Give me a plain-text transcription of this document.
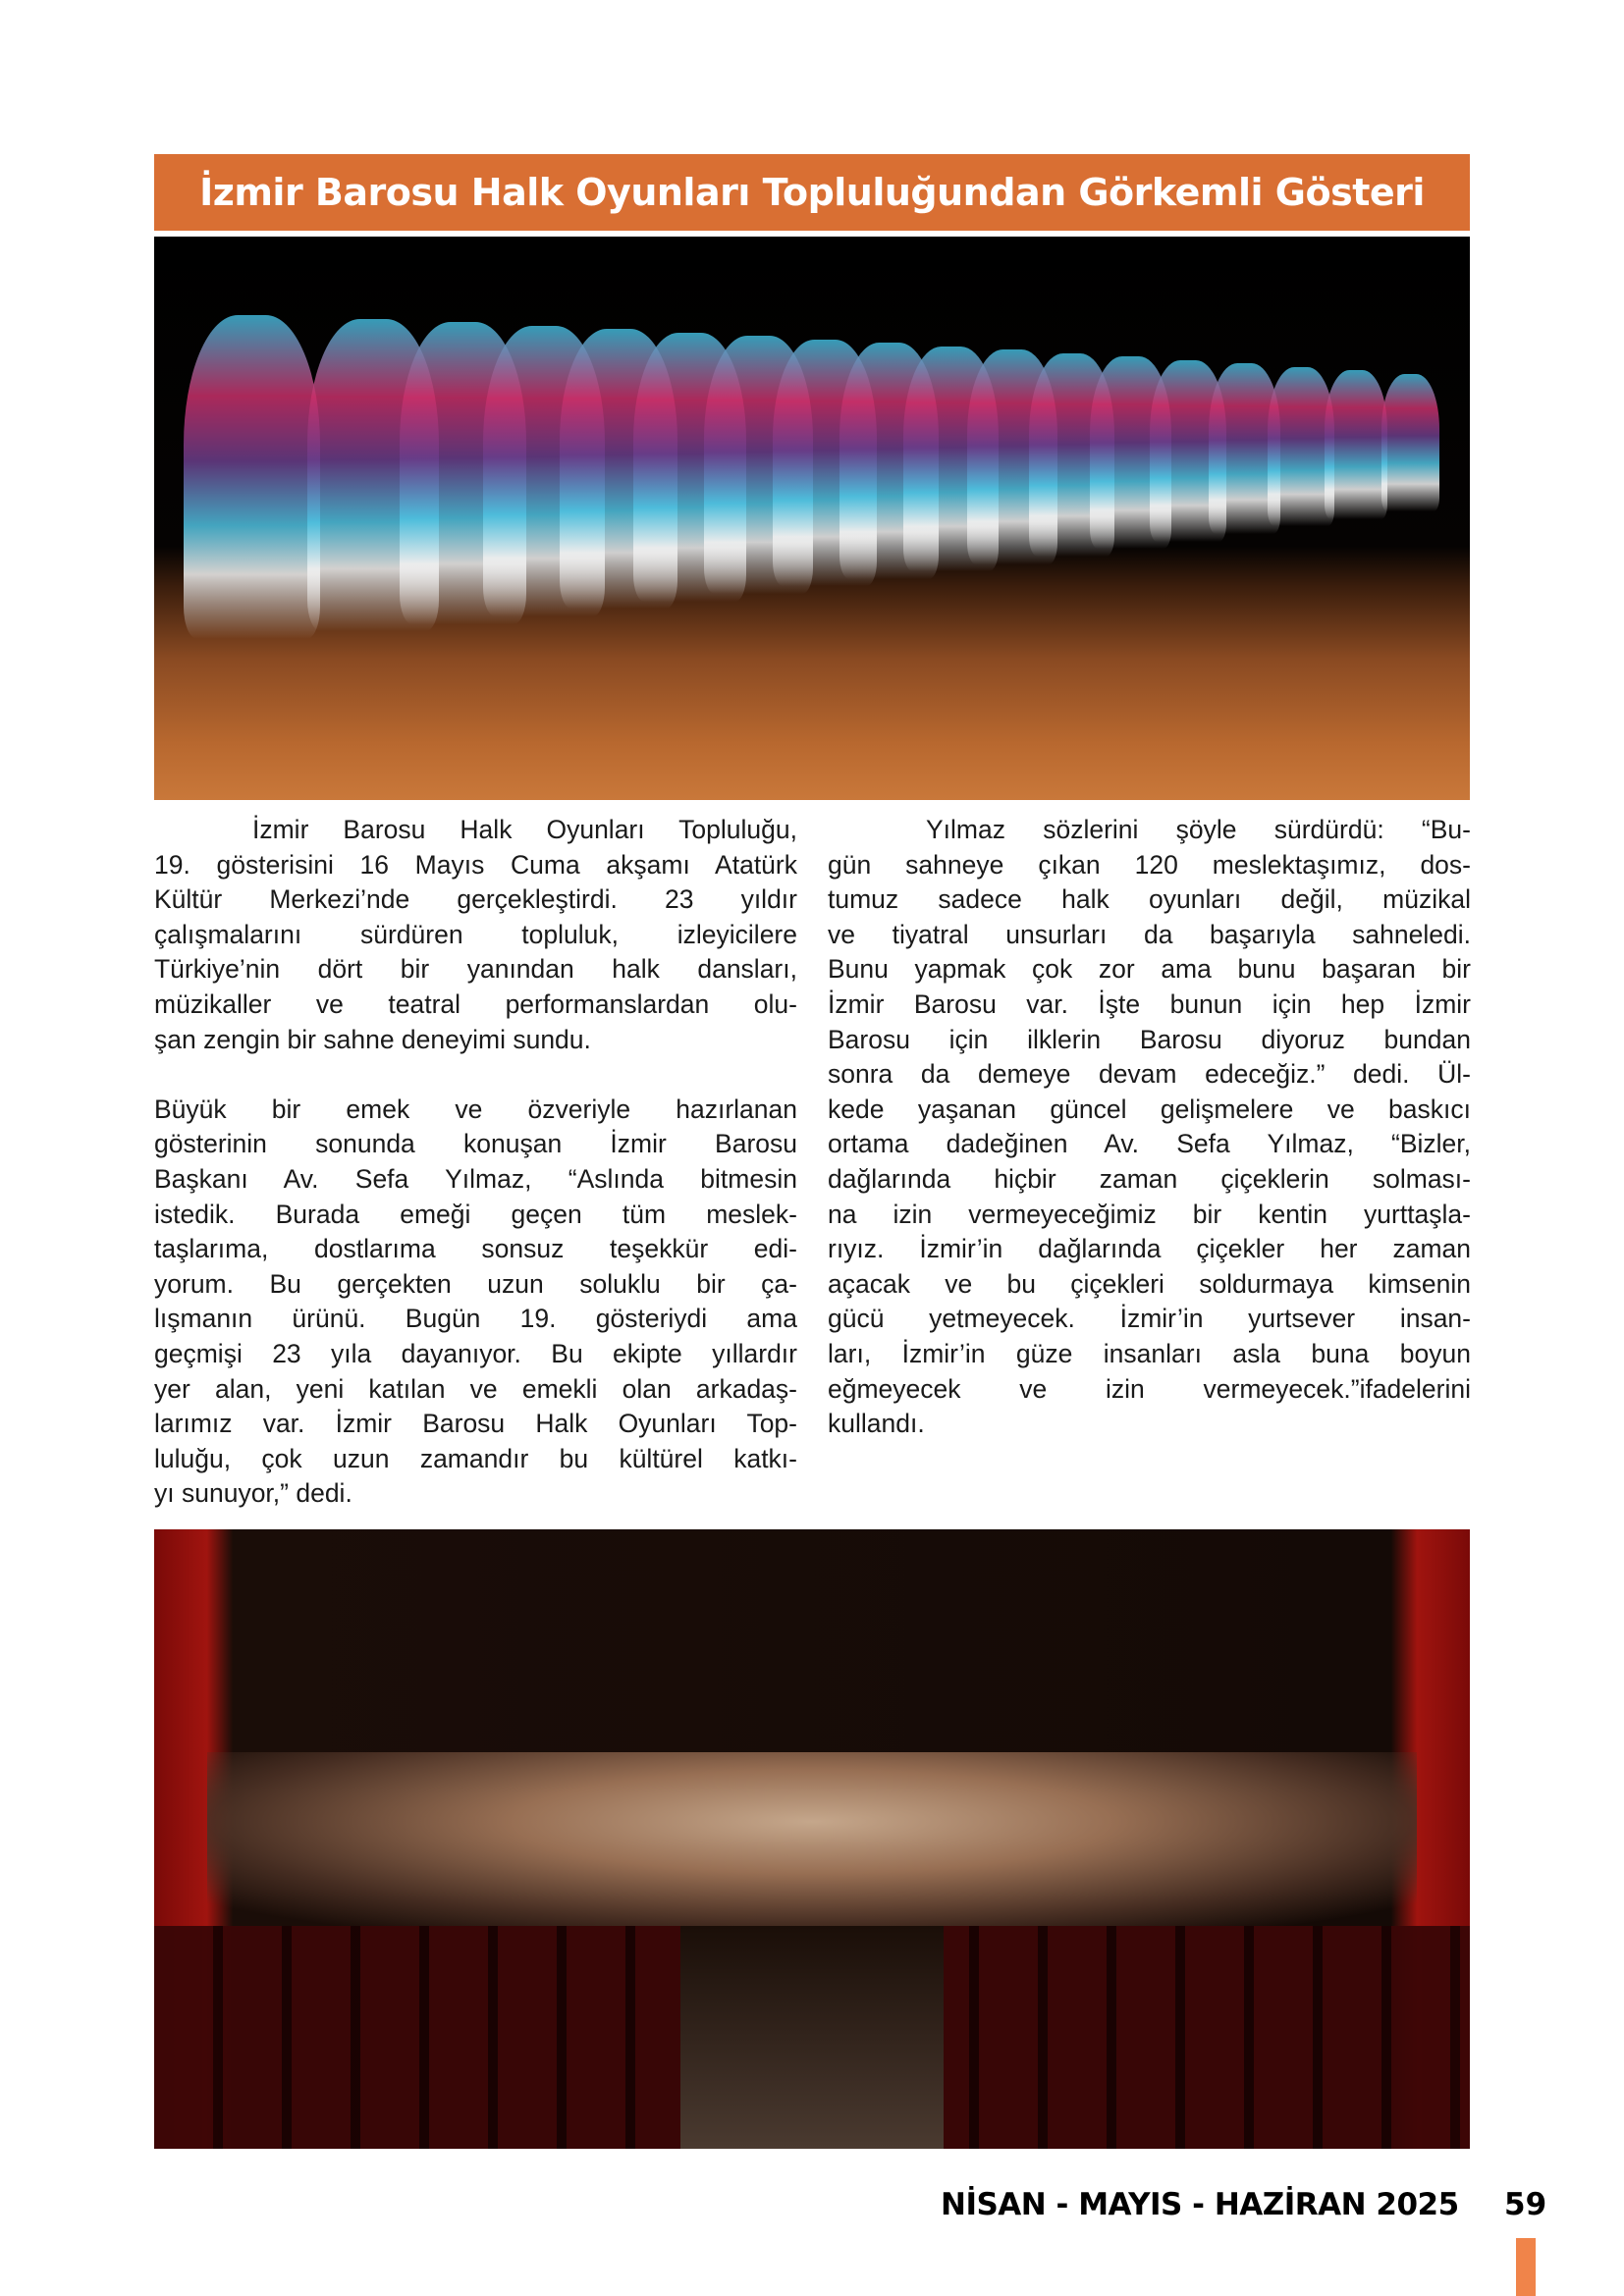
İzmir Barosu Halk Oyunları Topluluğundan Görkemli Gösteri
İzmir Barosu Halk Oyunları Topluluğu,
19. gösterisini 16 Mayıs Cuma akşamı Atatürk
Kültür Merkezi’nde gerçekleştirdi. 23 yıldır
çalışmalarını sürdüren topluluk, izleyicilere
Türkiye’nin dört bir yanından halk dansları,
müzikaller ve teatral performanslardan olu-
şan zengin bir sahne deneyimi sundu.
Büyük bir emek ve özveriyle hazırlanan
gösterinin sonunda konuşan İzmir Barosu
Başkanı Av. Sefa Yılmaz, “Aslında bitmesin
istedik. Burada emeği geçen tüm meslek-
taşlarıma, dostlarıma sonsuz teşekkür edi-
yorum. Bu gerçekten uzun soluklu bir ça-
lışmanın ürünü. Bugün 19. gösteriydi ama
geçmişi 23 yıla dayanıyor. Bu ekipte yıllardır
yer alan, yeni katılan ve emekli olan arkadaş-
larımız var. İzmir Barosu Halk Oyunları Top-
luluğu, çok uzun zamandır bu kültürel katkı-
yı sunuyor,” dedi.
Yılmaz sözlerini şöyle sürdürdü: “Bu-
gün sahneye çıkan 120 meslektaşımız, dos-
tumuz sadece halk oyunları değil, müzikal
ve tiyatral unsurları da başarıyla sahneledi.
Bunu yapmak çok zor ama bunu başaran bir
İzmir Barosu var. İşte bunun için hep İzmir
Barosu için ilklerin Barosu diyoruz bundan
sonra da demeye devam edeceğiz.” dedi. Ül-
kede yaşanan güncel gelişmelere ve baskıcı
ortama dadeğinen Av. Sefa Yılmaz, “Bizler,
dağlarında hiçbir zaman çiçeklerin solması-
na izin vermeyeceğimiz bir kentin yurttaşla-
rıyız. İzmir’in dağlarında çiçekler her zaman
açacak ve bu çiçekleri soldurmaya kimsenin
gücü yetmeyecek. İzmir’in yurtsever insan-
ları, İzmir’in güze insanları asla buna boyun
eğmeyecek ve izin vermeyecek.”ifadelerini
kullandı.
NİSAN - MAYIS - HAZİRAN 2025 59
